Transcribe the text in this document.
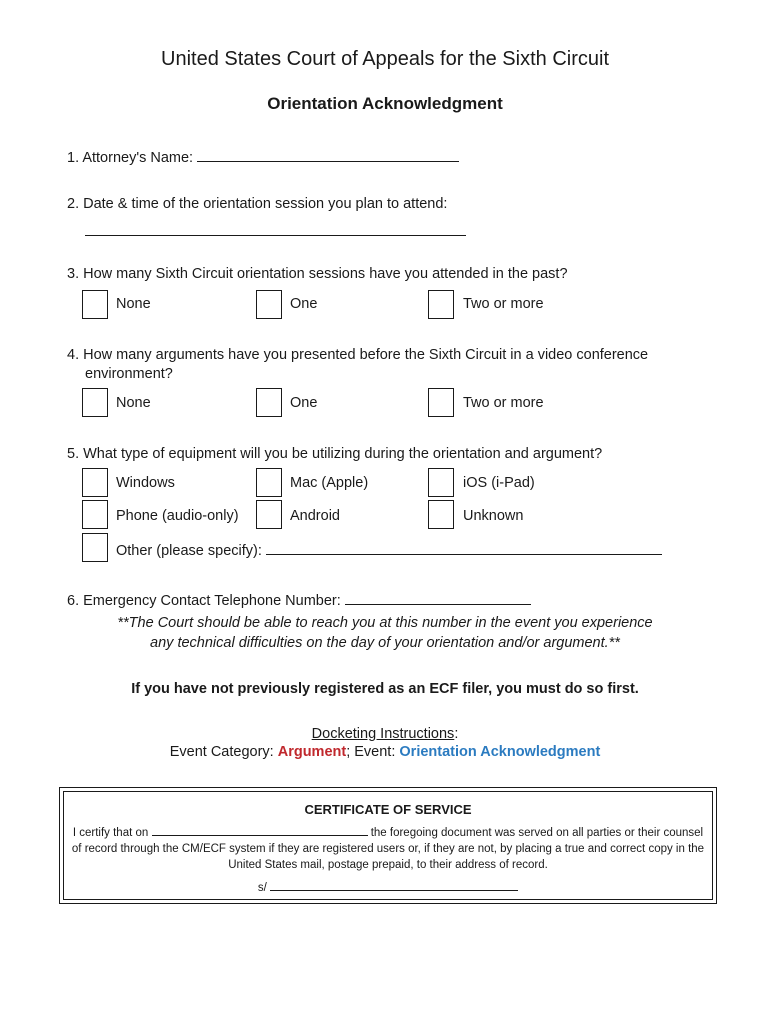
United States Court of Appeals for the Sixth Circuit
Orientation Acknowledgment
1. Attorney's Name:
2. Date & time of the orientation session you plan to attend:
3. How many Sixth Circuit orientation sessions have you attended in the past?
None	One	Two or more
4. How many arguments have you presented before the Sixth Circuit in a video conference
environment?
None	One	Two or more
5. What type of equipment will you be utilizing during the orientation and argument?
Windows	Mac (Apple)	iOS (i-Pad)
Phone (audio-only)	Android	Unknown
Other (please specify):
6. Emergency Contact Telephone Number:
**The Court should be able to reach you at this number in the event you experience
any technical difficulties on the day of your orientation and/or argument.**
If you have not previously registered as an ECF filer, you must do so first.
Docketing Instructions:
Event Category: Argument; Event: Orientation Acknowledgment
CERTIFICATE OF SERVICE
I certify that on	the foregoing document was served on all parties or their counsel of record through the CM/ECF system if they are registered users or, if they are not, by placing a true and correct copy in the United States mail, postage prepaid, to their address of record.
s/
